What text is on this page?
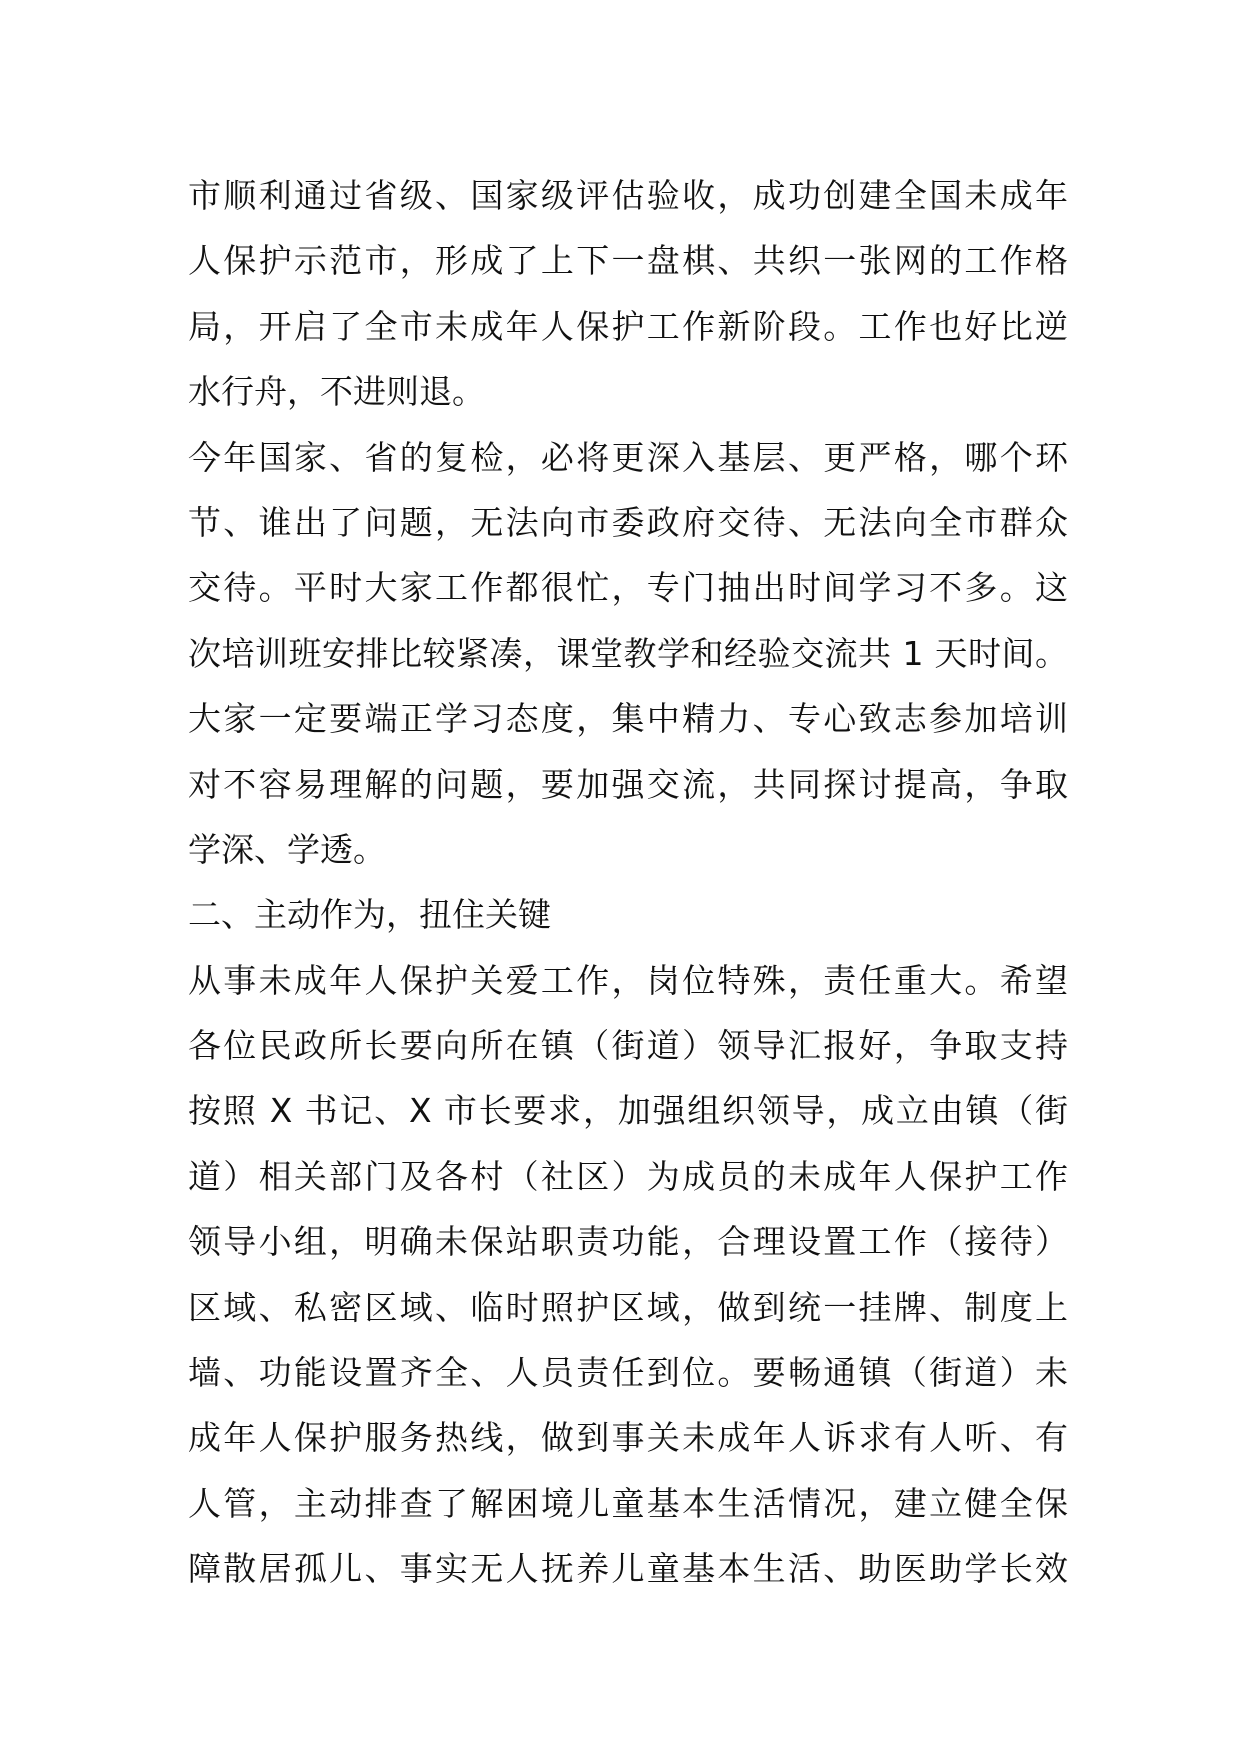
市顺利通过省级、国家级评估验收，成功创建全国未成年
人保护示范市，形成了上下一盘棋、共织一张网的工作格
局，开启了全市未成年人保护工作新阶段。工作也好比逆
水行舟，不进则退。
今年国家、省的复检，必将更深入基层、更严格，哪个环
节、谁出了问题，无法向市委政府交待、无法向全市群众
交待。平时大家工作都很忙，专门抽出时间学习不多。这
次培训班安排比较紧凑，课堂教学和经验交流共 1 天时间。
大家一定要端正学习态度，集中精力、专心致志参加培训
对不容易理解的问题，要加强交流，共同探讨提高，争取
学深、学透。
二、主动作为，扭住关键
从事未成年人保护关爱工作，岗位特殊，责任重大。希望
各位民政所长要向所在镇（街道）领导汇报好，争取支持
按照 X 书记、X 市长要求，加强组织领导，成立由镇（街
道）相关部门及各村（社区）为成员的未成年人保护工作
领导小组，明确未保站职责功能，合理设置工作（接待）
区域、私密区域、临时照护区域，做到统一挂牌、制度上
墙、功能设置齐全、人员责任到位。要畅通镇（街道）未
成年人保护服务热线，做到事关未成年人诉求有人听、有
人管，主动排查了解困境儿童基本生活情况，建立健全保
障散居孤儿、事实无人抚养儿童基本生活、助医助学长效
